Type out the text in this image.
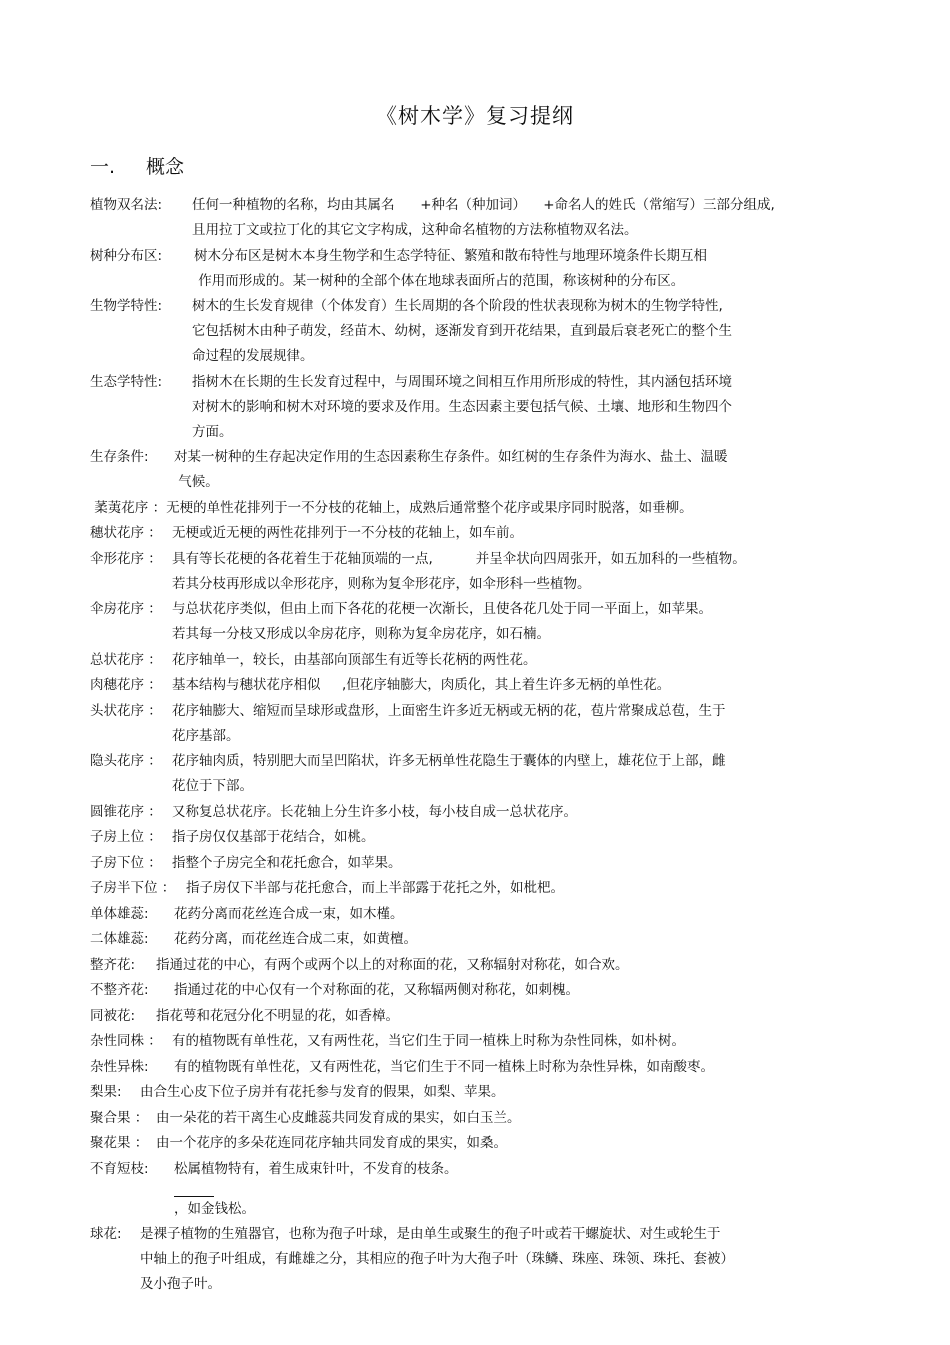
《树木学》复习提纲
一. 概念
植物双名法:	任何一种植物的名称，均由其属名      +种名（种加词）    +命名人的姓氏（常缩写）三部分组成,
且用拉丁文或拉丁化的其它文字构成，这种命名植物的方法称植物双名法。
树种分布区:	树木分布区是树木本身生物学和生态学特征、繁殖和散布特性与地理环境条件长期互相
作用而形成的。某一树种的全部个体在地球表面所占的范围，称该树种的分布区。
生物学特性:	树木的生长发育规律（个体发育）生长周期的各个阶段的性状表现称为树木的生物学特性,
它包括树木由种子萌发，经苗木、幼树，逐渐发育到开花结果，直到最后衰老死亡的整个生
命过程的发展规律。
生态学特性:	指树木在长期的生长发育过程中，与周围环境之间相互作用所形成的特性，其内涵包括环境
对树木的影响和树木对环境的要求及作用。生态因素主要包括气候、土壤、地形和生物四个
方面。
生存条件:	对某一树种的生存起决定作用的生态因素称生存条件。如红树的生存条件为海水、盐土、温暖
气候。
葇荑花序 ： 无梗的单性花排列于一不分枝的花轴上，成熟后通常整个花序或果序同时脱落，如垂柳。
穗状花序 ： 无梗或近无梗的两性花排列于一不分枝的花轴上，如车前。
伞形花序 ： 具有等长花梗的各花着生于花轴顶端的一点,          并呈伞状向四周张开，如五加科的一些植物。
若其分枝再形成以伞形花序，则称为复伞形花序，如伞形科一些植物。
伞房花序 ： 与总状花序类似，但由上而下各花的花梗一次渐长，且使各花几处于同一平面上，如苹果。
若其每一分枝又形成以伞房花序，则称为复伞房花序，如石楠。
总状花序 ： 花序轴单一，较长，由基部向顶部生有近等长花柄的两性花。
肉穗花序 ： 基本结构与穗状花序相似     ,但花序轴膨大，肉质化，其上着生许多无柄的单性花。
头状花序 ： 花序轴膨大、缩短而呈球形或盘形，上面密生许多近无柄或无柄的花，苞片常聚成总苞，生于
花序基部。
隐头花序 ： 花序轴肉质，特别肥大而呈凹陷状，许多无柄单性花隐生于囊体的内壁上，雄花位于上部，雌
花位于下部。
圆锥花序 ： 又称复总状花序。长花轴上分生许多小枝，每小枝自成一总状花序。
子房上位 ： 指子房仅仅基部于花结合，如桃。
子房下位 ： 指整个子房完全和花托愈合，如苹果。
子房半下位 ： 指子房仅下半部与花托愈合，而上半部露于花托之外，如枇杷。
单体雄蕊:	花药分离而花丝连合成一束，如木槿。
二体雄蕊:	花药分离，而花丝连合成二束，如黄檀。
整齐花: 指通过花的中心，有两个或两个以上的对称面的花，又称辐射对称花，如合欢。
不整齐花:	指通过花的中心仅有一个对称面的花，又称辐两侧对称花，如刺槐。
同被花: 指花萼和花冠分化不明显的花，如香樟。
杂性同株 ： 有的植物既有单性花，又有两性花，当它们生于同一植株上时称为杂性同株，如朴树。
杂性异株: 有的植物既有单性花，又有两性花，当它们生于不同一植株上时称为杂性异株，如南酸枣。
梨果: 由合生心皮下位子房并有花托参与发育的假果，如梨、苹果。
聚合果 ： 由一朵花的若干离生心皮雌蕊共同发育成的果实，如白玉兰。
聚花果 ： 由一个花序的多朵花连同花序轴共同发育成的果实，如桑。
不育短枝: 松属植物特有，着生成束针叶，不发育的枝条。
，如金钱松。
球花: 是裸子植物的生殖器官，也称为孢子叶球，是由单生或聚生的孢子叶或若干螺旋状、对生或轮生于
中轴上的孢子叶组成，有雌雄之分，其相应的孢子叶为大孢子叶（珠鳞、珠座、珠领、珠托、套被）
及小孢子叶。
